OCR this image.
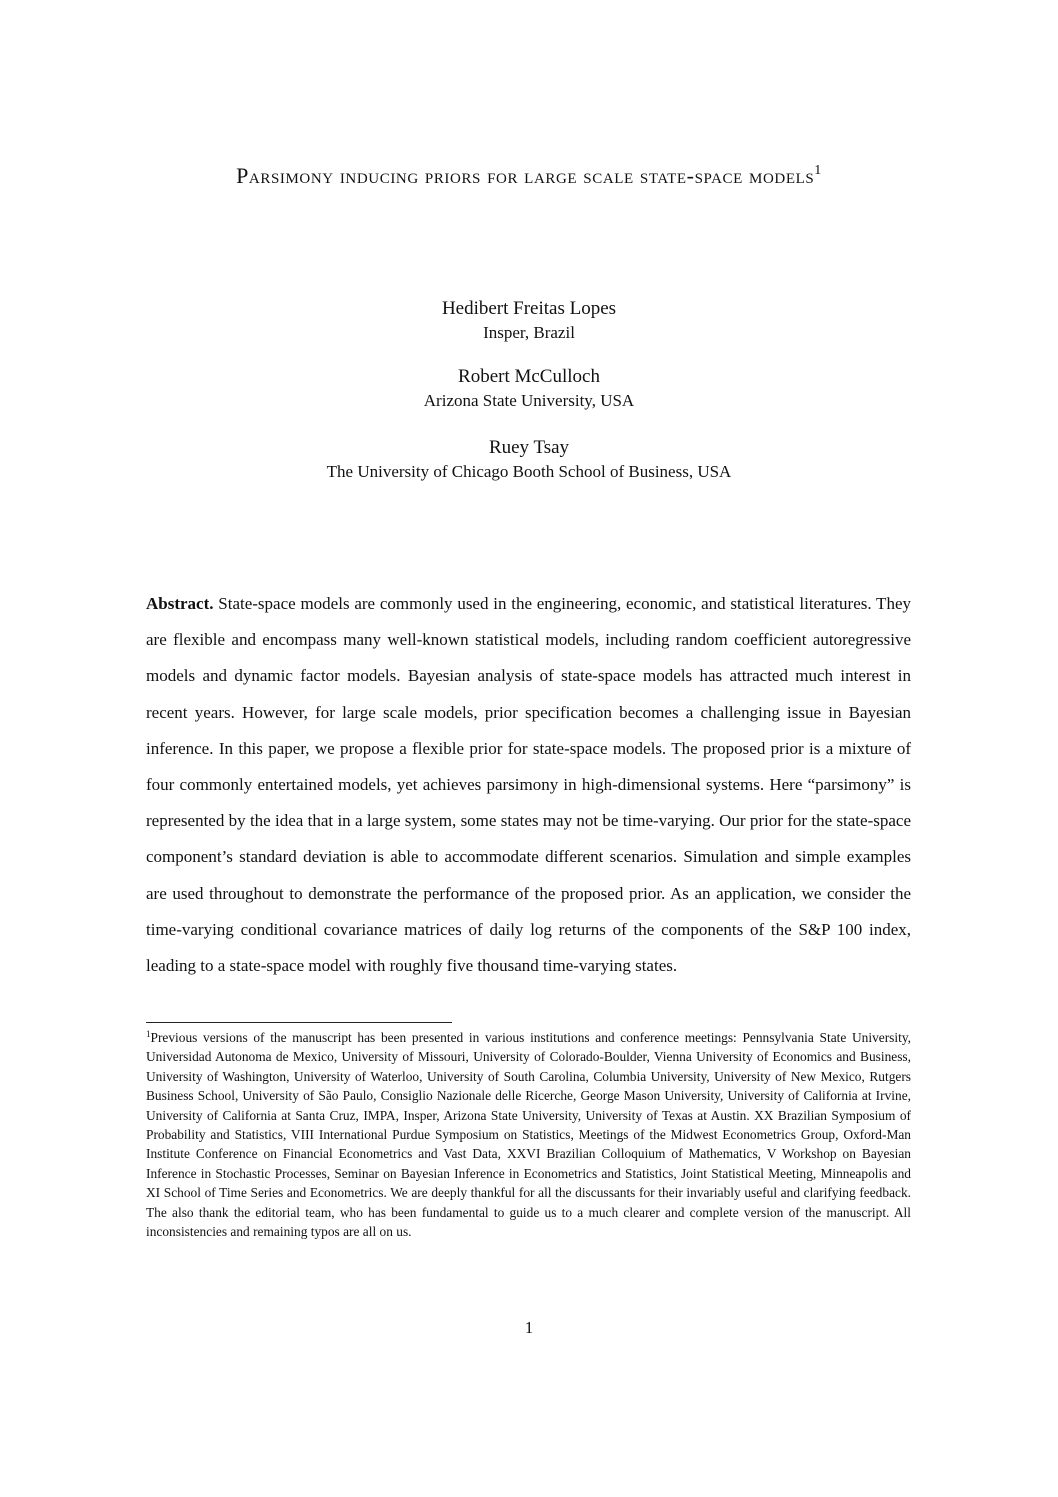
Parsimony inducing priors for large scale state-space models$^1$
Hedibert Freitas Lopes
Insper, Brazil
Robert McCulloch
Arizona State University, USA
Ruey Tsay
The University of Chicago Booth School of Business, USA
Abstract. State-space models are commonly used in the engineering, economic, and statistical literatures. They are flexible and encompass many well-known statistical models, including random coefficient autoregressive models and dynamic factor models. Bayesian analysis of state-space models has attracted much interest in recent years. However, for large scale models, prior specification becomes a challenging issue in Bayesian inference. In this paper, we propose a flexible prior for state-space models. The proposed prior is a mixture of four commonly entertained models, yet achieves parsimony in high-dimensional systems. Here “parsimony” is represented by the idea that in a large system, some states may not be time-varying. Our prior for the state-space component’s standard deviation is able to accommodate different scenarios. Simulation and simple examples are used throughout to demonstrate the performance of the proposed prior. As an application, we consider the time-varying conditional covariance matrices of daily log returns of the components of the S&P 100 index, leading to a state-space model with roughly five thousand time-varying states.
$^1$Previous versions of the manuscript has been presented in various institutions and conference meetings: Pennsylvania State University, Universidad Autonoma de Mexico, University of Missouri, University of Colorado-Boulder, Vienna University of Economics and Business, University of Washington, University of Waterloo, University of South Carolina, Columbia University, University of New Mexico, Rutgers Business School, University of São Paulo, Consiglio Nazionale delle Ricerche, George Mason University, University of California at Irvine, University of California at Santa Cruz, IMPA, Insper, Arizona State University, University of Texas at Austin. XX Brazilian Symposium of Probability and Statistics, VIII International Purdue Symposium on Statistics, Meetings of the Midwest Econometrics Group, Oxford-Man Institute Conference on Financial Econometrics and Vast Data, XXVI Brazilian Colloquium of Mathematics, V Workshop on Bayesian Inference in Stochastic Processes, Seminar on Bayesian Inference in Econometrics and Statistics, Joint Statistical Meeting, Minneapolis and XI School of Time Series and Econometrics. We are deeply thankful for all the discussants for their invariably useful and clarifying feedback. The also thank the editorial team, who has been fundamental to guide us to a much clearer and complete version of the manuscript. All inconsistencies and remaining typos are all on us.
1
